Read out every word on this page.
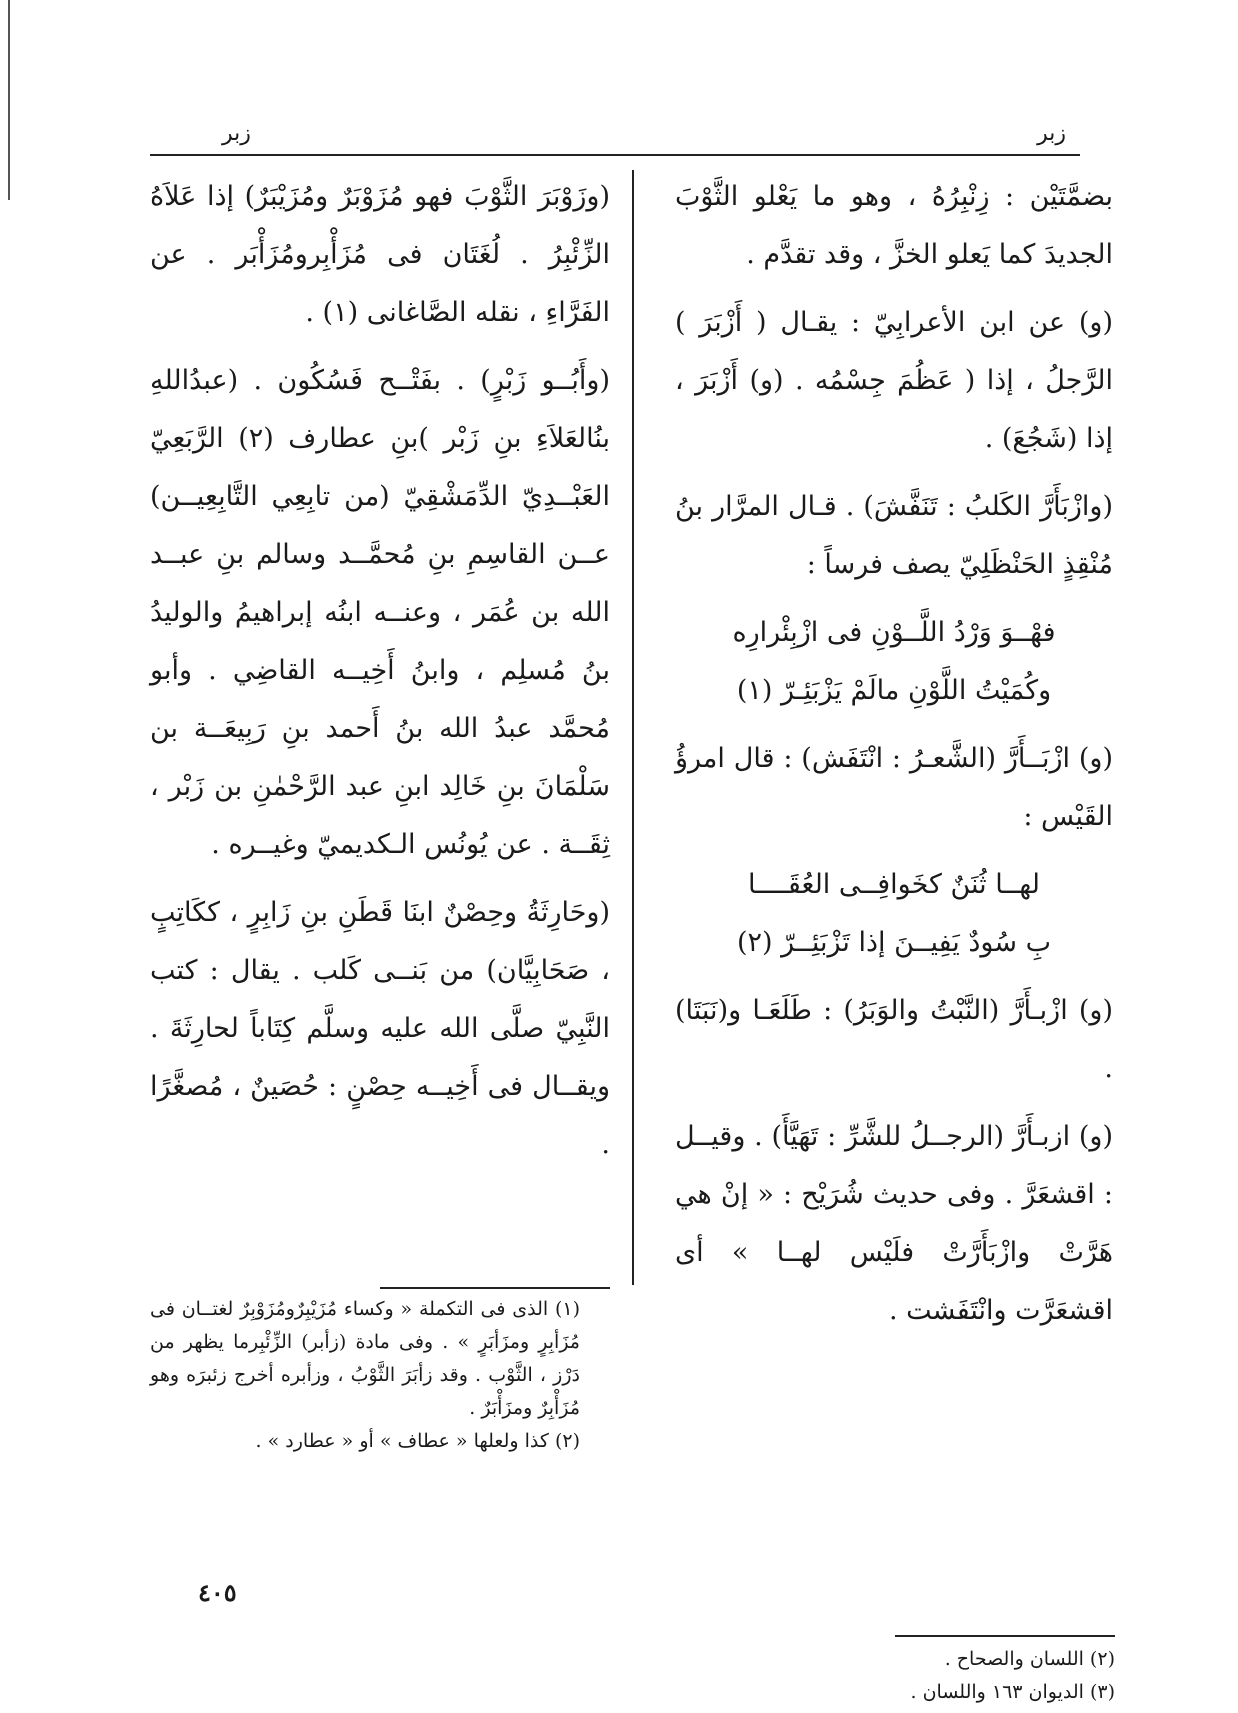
زبر
زبر

بضمَّتَيْن : زِنْبِرُهُ ، وهو ما يَعْلو الثَّوْبَ الجديدَ كما يَعلو الخزَّ ، وقد تقدَّم .

(و) عن ابن الأعرابِيّ : يقـال ( أَزْبَرَ ) الرَّجلُ ، إذا ( عَظُمَ جِسْمُه . (و) أَزْبَرَ ، إذا (شَجُعَ) .

(وازْبَأَرَّ الكَلبُ : تَنَفَّشَ) . قـال المرَّار بنُ مُنْقِذٍ الحَنْظَلِيّ يصف فرساً :

فهْــوَ وَرْدُ اللَّــوْنِ فى ازْبِئْرارِه
وكُمَيْتُ اللَّوْنِ مالَمْ يَزْبَئِـرّ (١)

(و) ازْبَــأَرَّ (الشَّعـرُ : انْتَفَش) : قال امرؤُ القَيْس :

لهــا ثُنَنٌ كخَوافِــى العُقَــــا
بِ سُودٌ يَفِيــنَ إذا تَزْبَئِــرّ (٢)

(و) ازْبـأَرَّ (النَّبْتُ والوَبَرُ) : طَلَعَـا و(نَبَتَا) .

(و) ازبـأَرَّ (الرجــلُ للشَّرِّ : تَهَيَّأَ) . وقيــل : اقشعَرَّ . وفى حديث شُرَيْح : « إنْ هي هَرَّتْ وازْبَأَرَّتْ فلَيْس لهــا » أى اقشعَرَّت وانْتَفَشت .

(وزَوْبَرَ الثَّوْبَ فهو مُزَوْبَرٌ ومُزَيْبَرٌ) إذا عَلاَهُ الزِّئْبِرُ . لُغَتَان فى مُزَأْبِرومُزَأْبَر . عن الفَرَّاءِ ، نقله الصَّاغانى (١) .

(وأَبُــو زَبْرٍ) . بفَتْــح فَسُكُون . (عبدُاللهِ بنُالعَلاَءِ بنِ زَبْر )بنِ عطارف (٢) الرَّبَعِيّ العَبْــدِيّ الدِّمَشْقِيّ (من تابِعِي التَّابِعِيــن) عــن القاسِمِ بنِ مُحمَّــد وسالم بنِ عبــد الله بن عُمَر ، وعنــه ابنُه إبراهيمُ والوليدُ بنُ مُسلِم ، وابنُ أَخِيــه القاضِي . وأبو مُحمَّد عبدُ الله بنُ أَحمد بنِ رَبِيعَــة بن سَلْمَانَ بنِ خَالِد ابنِ عبد الرَّحْمٰنِ بن زَبْر ، ثِقَــة . عن يُونُس الـكديميّ وغيــره .

(وحَارِثَةُ وحِصْنٌ ابنَا قَطَنِ بنِ زَابِرٍ ، ككَاتِبٍ ، صَحَابِيَّان) من بَنــى كَلب . يقال : كتب النَّبِيّ صلَّى الله عليه وسلَّم كِتَاباً لحارِثَةَ . ويقــال فى أَخِيــه حِصْنٍ : حُصَينٌ ، مُصغَّرًا .

(١) الذى فى التكملة « وكساء مُزَيْبِرٌومُزَوْبِرٌ لغتــان فى مُزَأبِرٍ ومزَأبَرٍ » . وفى مادة (زأبر) الزِّئْبِرما يظهر من دَرْز ، الثَّوْب . وقد زأبَرَ الثَّوْبُ ، وزأبره أخرج زئبرَه وهو مُزَأْبِرٌ ومزَأْبَرٌ .
(٢) كذا ولعلها « عطاف » أو « عطارد » .
(٢) اللسان والصحاح .
(٣) الديوان ١٦٣ واللسان .
٤٠٥
